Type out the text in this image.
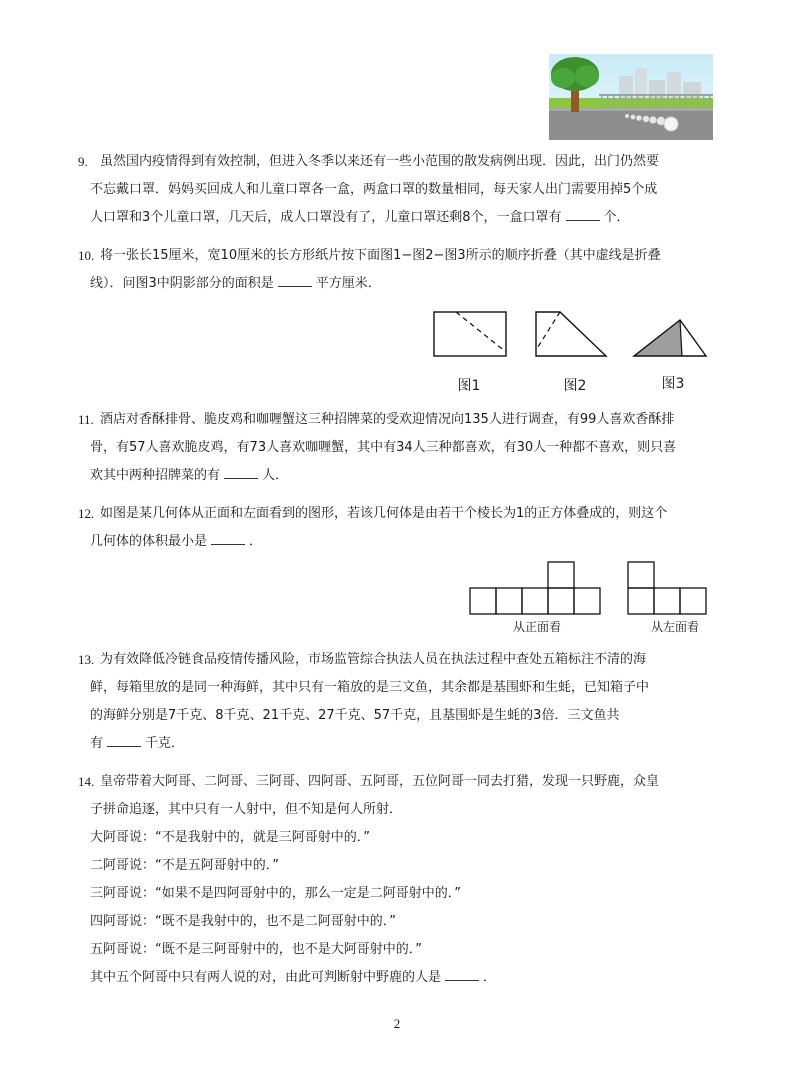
9. 虽然国内疫情得到有效控制，但进入冬季以来还有一些小范围的散发病例出现．因此，出门仍然要
不忘戴口罩．妈妈买回成人和儿童口罩各一盒，两盒口罩的数量相同，每天家人出门需要用掉5个成
人口罩和3个儿童口罩，几天后，成人口罩没有了，儿童口罩还剩8个，一盒口罩有	个．
10. 将一张长15厘米，宽10厘米的长方形纸片按下面图1−图2−图3所示的顺序折叠（其中虚线是折叠
线）．问图3中阴影部分的面积是	平方厘米．
图1	图2	图3
11. 酒店对香酥排骨、脆皮鸡和咖喱蟹这三种招牌菜的受欢迎情况向135人进行调查，有99人喜欢香酥排
骨，有57人喜欢脆皮鸡，有73人喜欢咖喱蟹，其中有34人三种都喜欢，有30人一种都不喜欢，则只喜
欢其中两种招牌菜的有	人．
12. 如图是某几何体从正面和左面看到的图形，若该几何体是由若干个棱长为1的正方体叠成的，则这个
几何体的体积最小是	．
从正面看	从左面看
13. 为有效降低冷链食品疫情传播风险，市场监管综合执法人员在执法过程中查处五箱标注不清的海
鲜，每箱里放的是同一种海鲜，其中只有一箱放的是三文鱼，其余都是基围虾和生蚝，已知箱子中
的海鲜分别是7千克、8千克、21千克、27千克、57千克，且基围虾是生蚝的3倍．三文鱼共
有	千克．
14. 皇帝带着大阿哥、二阿哥、三阿哥、四阿哥、五阿哥，五位阿哥一同去打猎，发现一只野鹿，众皇
子拼命追逐，其中只有一人射中，但不知是何人所射．
大阿哥说：“不是我射中的，就是三阿哥射中的．”
二阿哥说：“不是五阿哥射中的．”
三阿哥说：“如果不是四阿哥射中的，那么一定是二阿哥射中的．”
四阿哥说：“既不是我射中的，也不是二阿哥射中的．”
五阿哥说：“既不是三阿哥射中的，也不是大阿哥射中的．”
其中五个阿哥中只有两人说的对，由此可判断射中野鹿的人是	．
2
